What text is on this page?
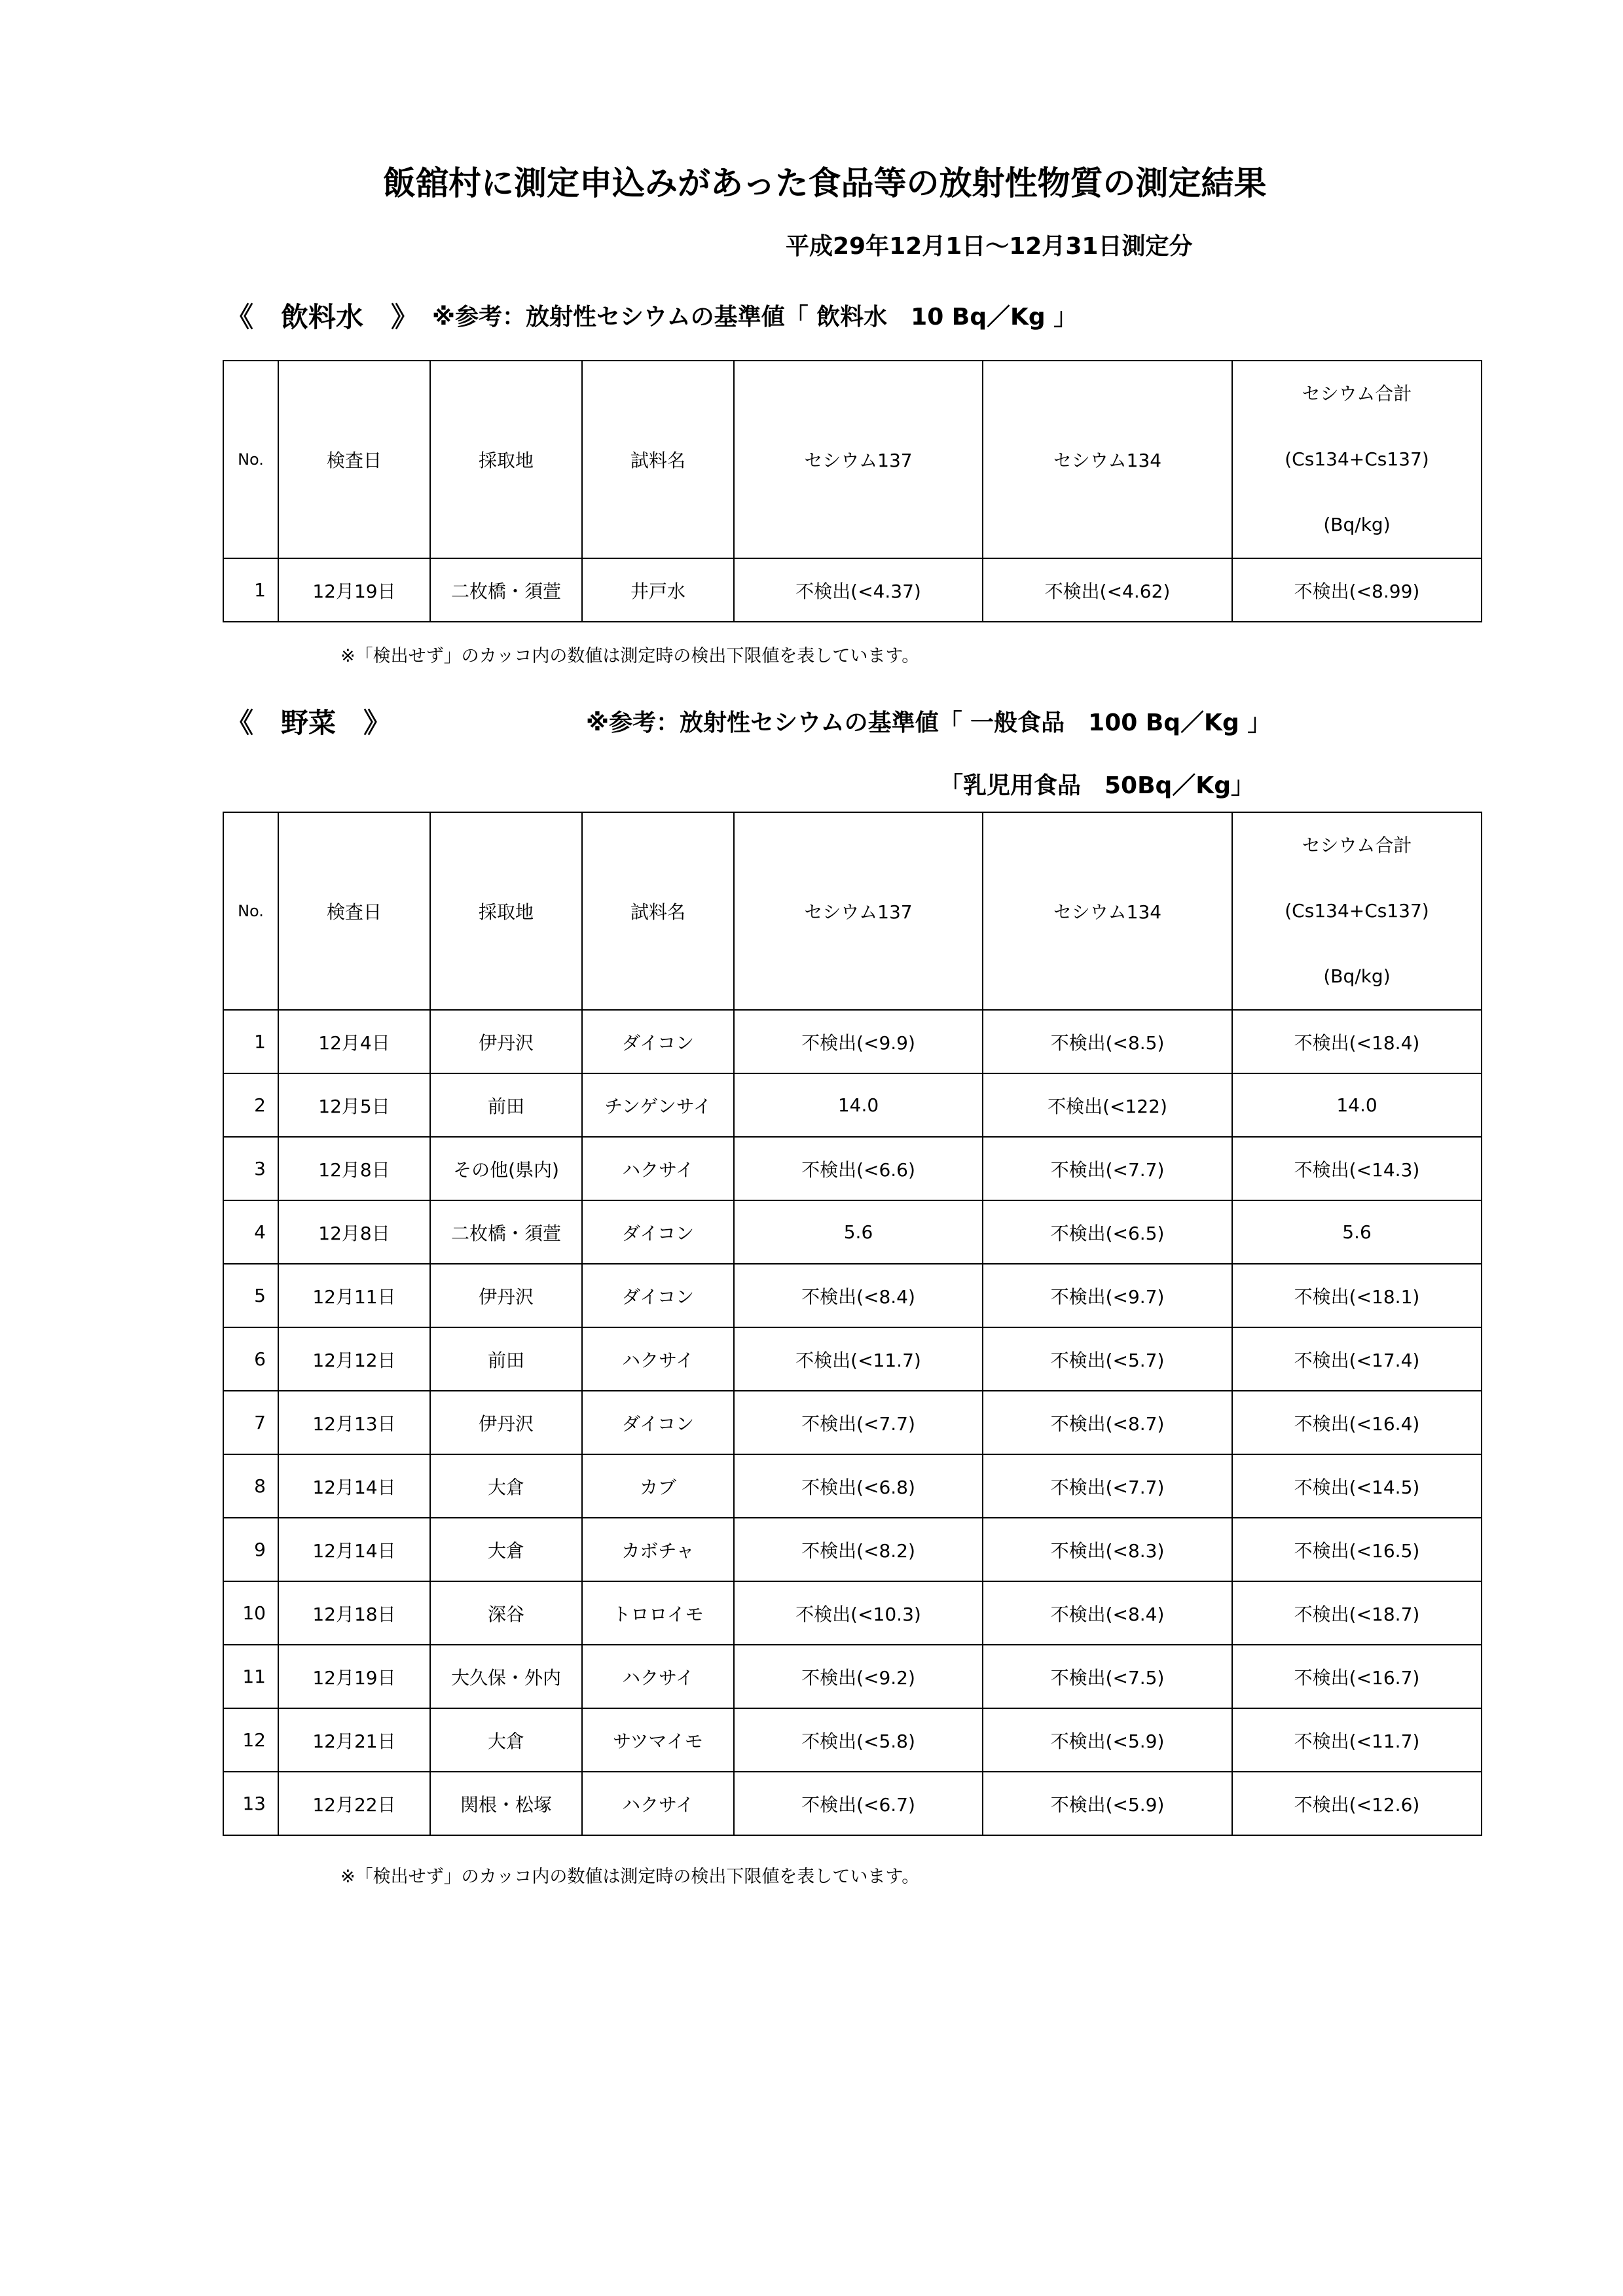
飯舘村に測定申込みがあった食品等の放射性物質の測定結果
平成29年12月1日～12月31日測定分
《　飲料水　》 ※参考：放射性セシウムの基準値「 飲料水　10 Bq／Kg 」
No.	検査日	採取地	試料名	セシウム137	セシウム134	セシウム合計
(Cs134+Cs137)
(Bq/kg)

1	12月19日	二枚橋・須萱	井戸水	不検出(<4.37)	不検出(<4.62)	不検出(<8.99)
※「検出せず」のカッコ内の数値は測定時の検出下限値を表しています。
《　野菜　》	※参考：放射性セシウムの基準値「 一般食品　100 Bq／Kg 」
「乳児用食品　50Bq／Kg」
No.	検査日	採取地	試料名	セシウム137	セシウム134	セシウム合計
(Cs134+Cs137)
(Bq/kg)

1	12月4日	伊丹沢	ダイコン	不検出(<9.9)	不検出(<8.5)	不検出(<18.4)
2	12月5日	前田	チンゲンサイ	14.0	不検出(<122)	14.0
3	12月8日	その他(県内)	ハクサイ	不検出(<6.6)	不検出(<7.7)	不検出(<14.3)
4	12月8日	二枚橋・須萱	ダイコン	5.6	不検出(<6.5)	5.6
5	12月11日	伊丹沢	ダイコン	不検出(<8.4)	不検出(<9.7)	不検出(<18.1)
6	12月12日	前田	ハクサイ	不検出(<11.7)	不検出(<5.7)	不検出(<17.4)
7	12月13日	伊丹沢	ダイコン	不検出(<7.7)	不検出(<8.7)	不検出(<16.4)
8	12月14日	大倉	カブ	不検出(<6.8)	不検出(<7.7)	不検出(<14.5)
9	12月14日	大倉	カボチャ	不検出(<8.2)	不検出(<8.3)	不検出(<16.5)
10	12月18日	深谷	トロロイモ	不検出(<10.3)	不検出(<8.4)	不検出(<18.7)
11	12月19日	大久保・外内	ハクサイ	不検出(<9.2)	不検出(<7.5)	不検出(<16.7)
12	12月21日	大倉	サツマイモ	不検出(<5.8)	不検出(<5.9)	不検出(<11.7)
13	12月22日	関根・松塚	ハクサイ	不検出(<6.7)	不検出(<5.9)	不検出(<12.6)
※「検出せず」のカッコ内の数値は測定時の検出下限値を表しています。
